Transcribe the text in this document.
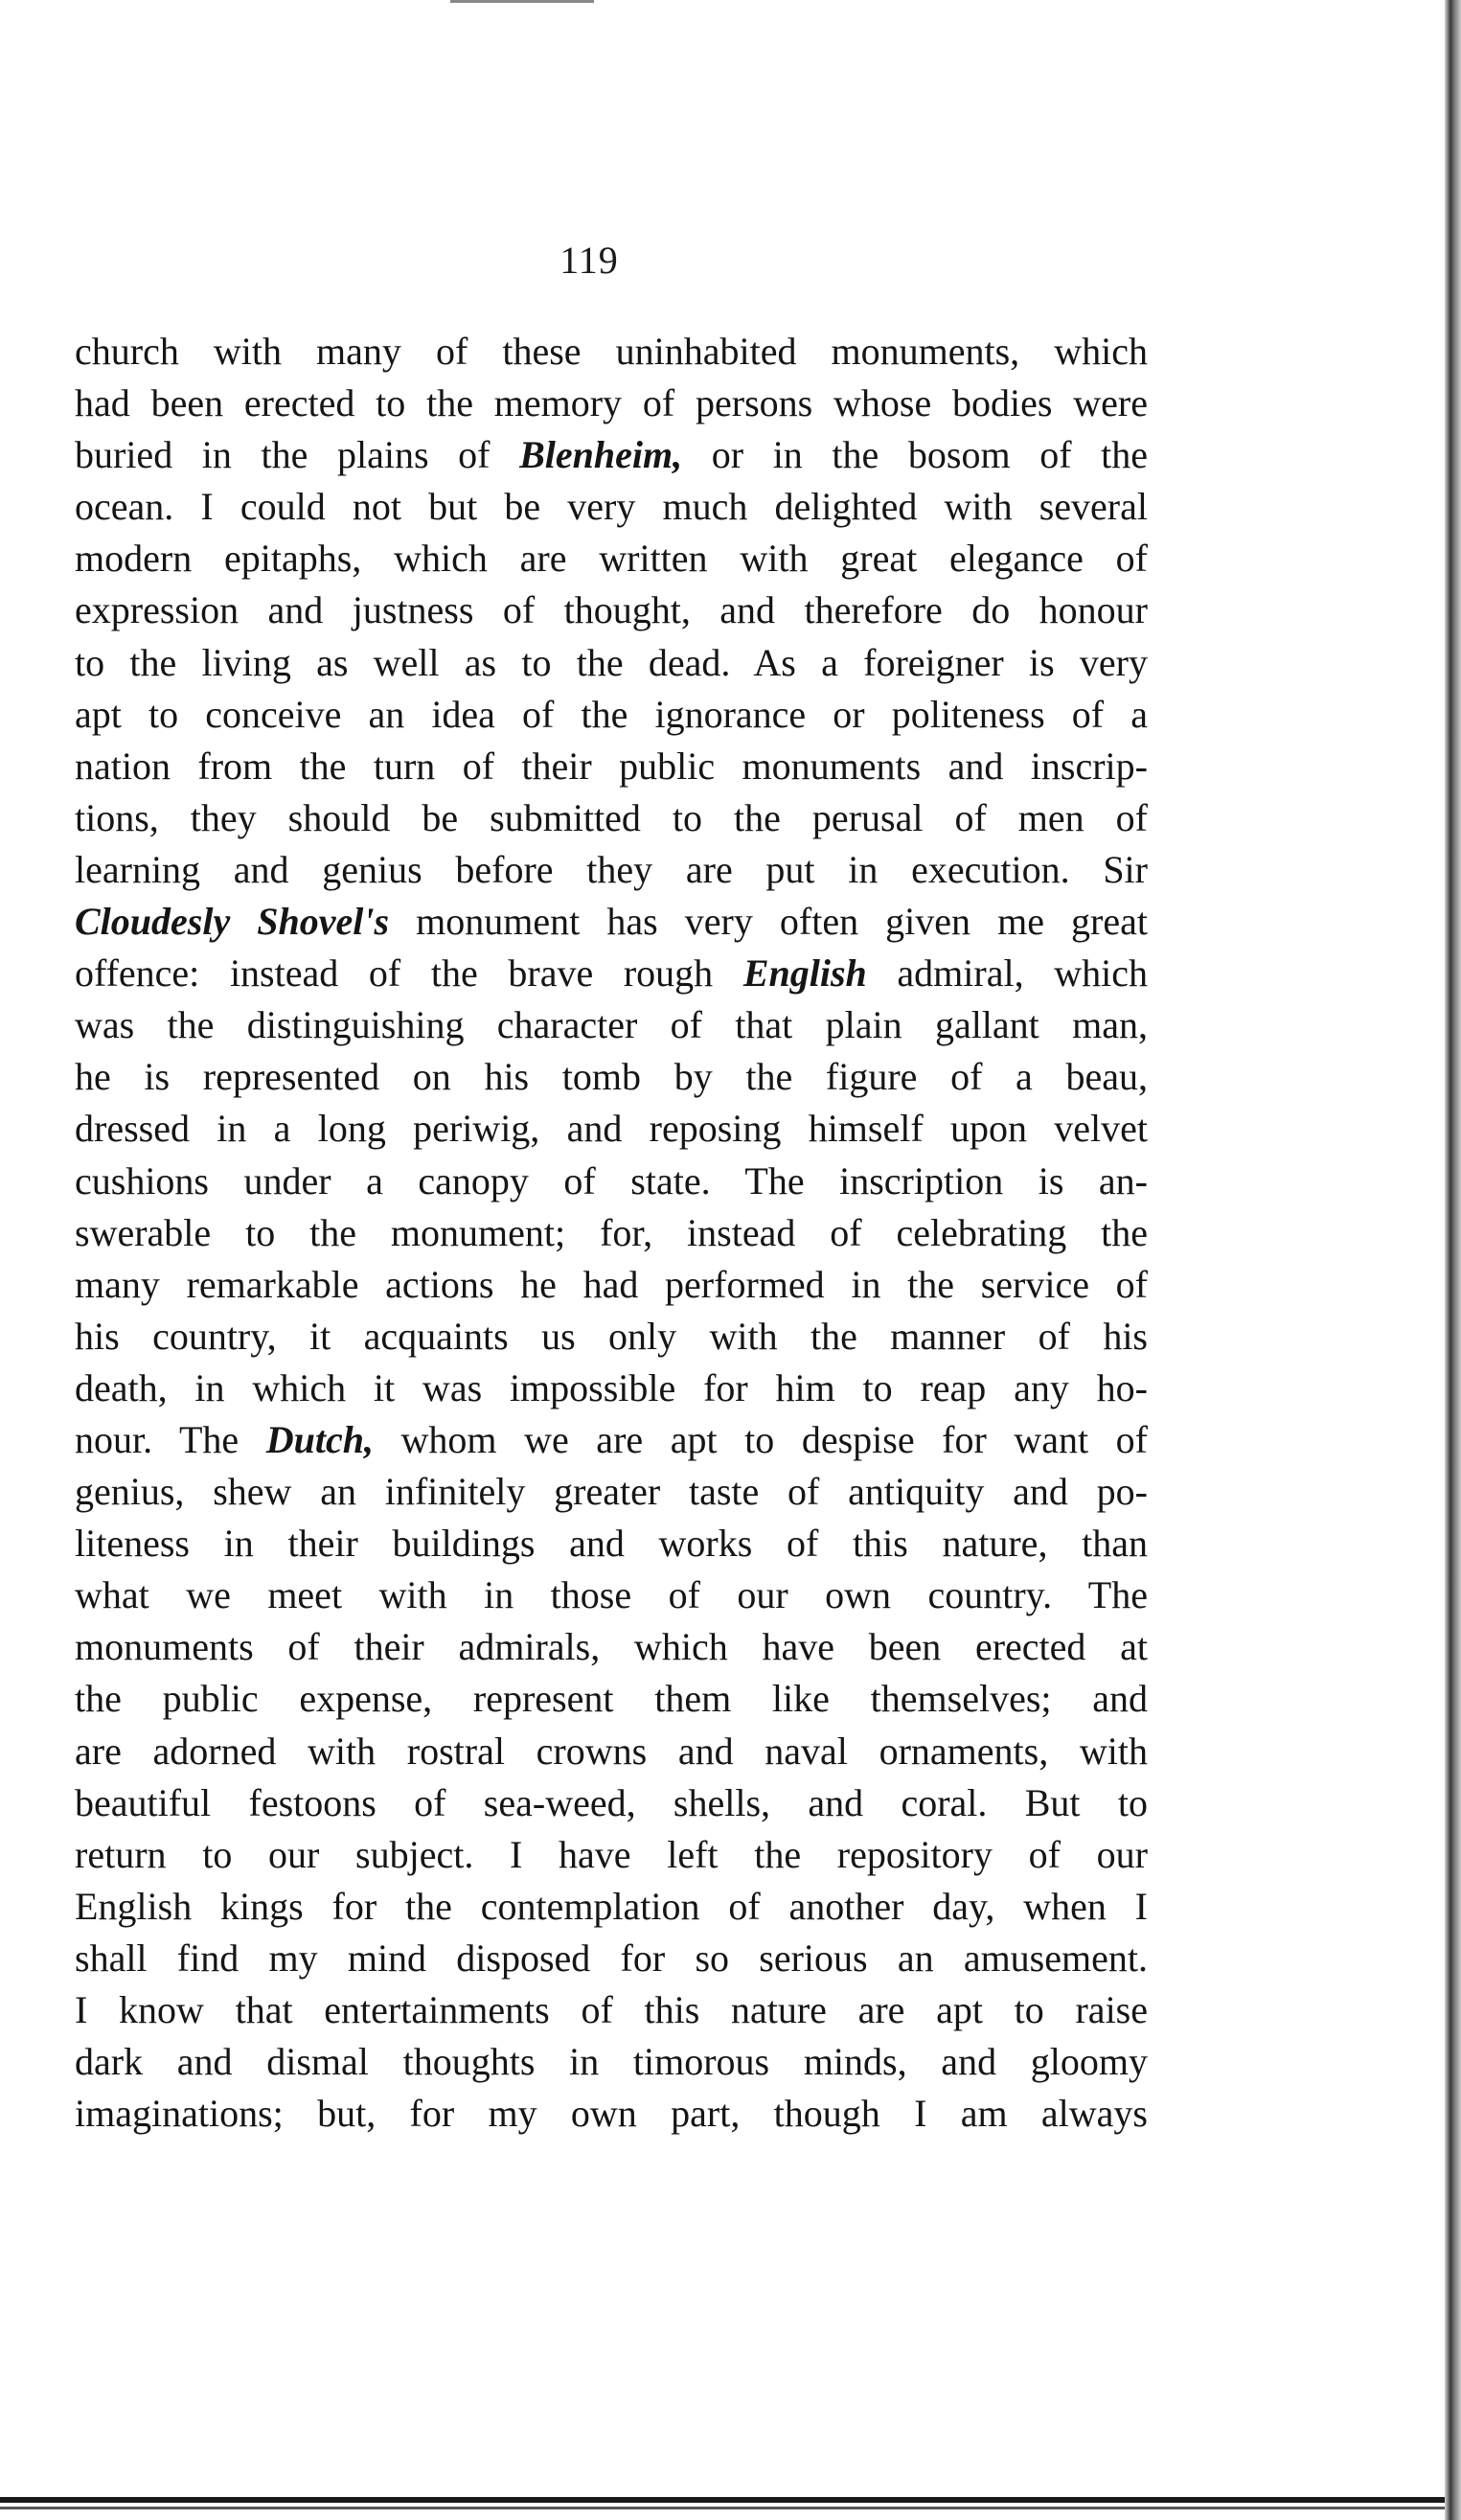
119
church with many of these uninhabited monuments, which
had been erected to the memory of persons whose bodies were
buried in the plains of Blenheim, or in the bosom of the
ocean. I could not but be very much delighted with several
modern epitaphs, which are written with great elegance of
expression and justness of thought, and therefore do honour
to the living as well as to the dead. As a foreigner is very
apt to conceive an idea of the ignorance or politeness of a
nation from the turn of their public monuments and inscrip-
tions, they should be submitted to the perusal of men of
learning and genius before they are put in execution. Sir
Cloudesly Shovel's monument has very often given me great
offence: instead of the brave rough English admiral, which
was the distinguishing character of that plain gallant man,
he is represented on his tomb by the figure of a beau,
dressed in a long periwig, and reposing himself upon velvet
cushions under a canopy of state. The inscription is an-
swerable to the monument; for, instead of celebrating the
many remarkable actions he had performed in the service of
his country, it acquaints us only with the manner of his
death, in which it was impossible for him to reap any ho-
nour. The Dutch, whom we are apt to despise for want of
genius, shew an infinitely greater taste of antiquity and po-
liteness in their buildings and works of this nature, than
what we meet with in those of our own country. The
monuments of their admirals, which have been erected at
the public expense, represent them like themselves; and
are adorned with rostral crowns and naval ornaments, with
beautiful festoons of sea-weed, shells, and coral. But to
return to our subject. I have left the repository of our
English kings for the contemplation of another day, when I
shall find my mind disposed for so serious an amusement.
I know that entertainments of this nature are apt to raise
dark and dismal thoughts in timorous minds, and gloomy
imaginations; but, for my own part, though I am always
